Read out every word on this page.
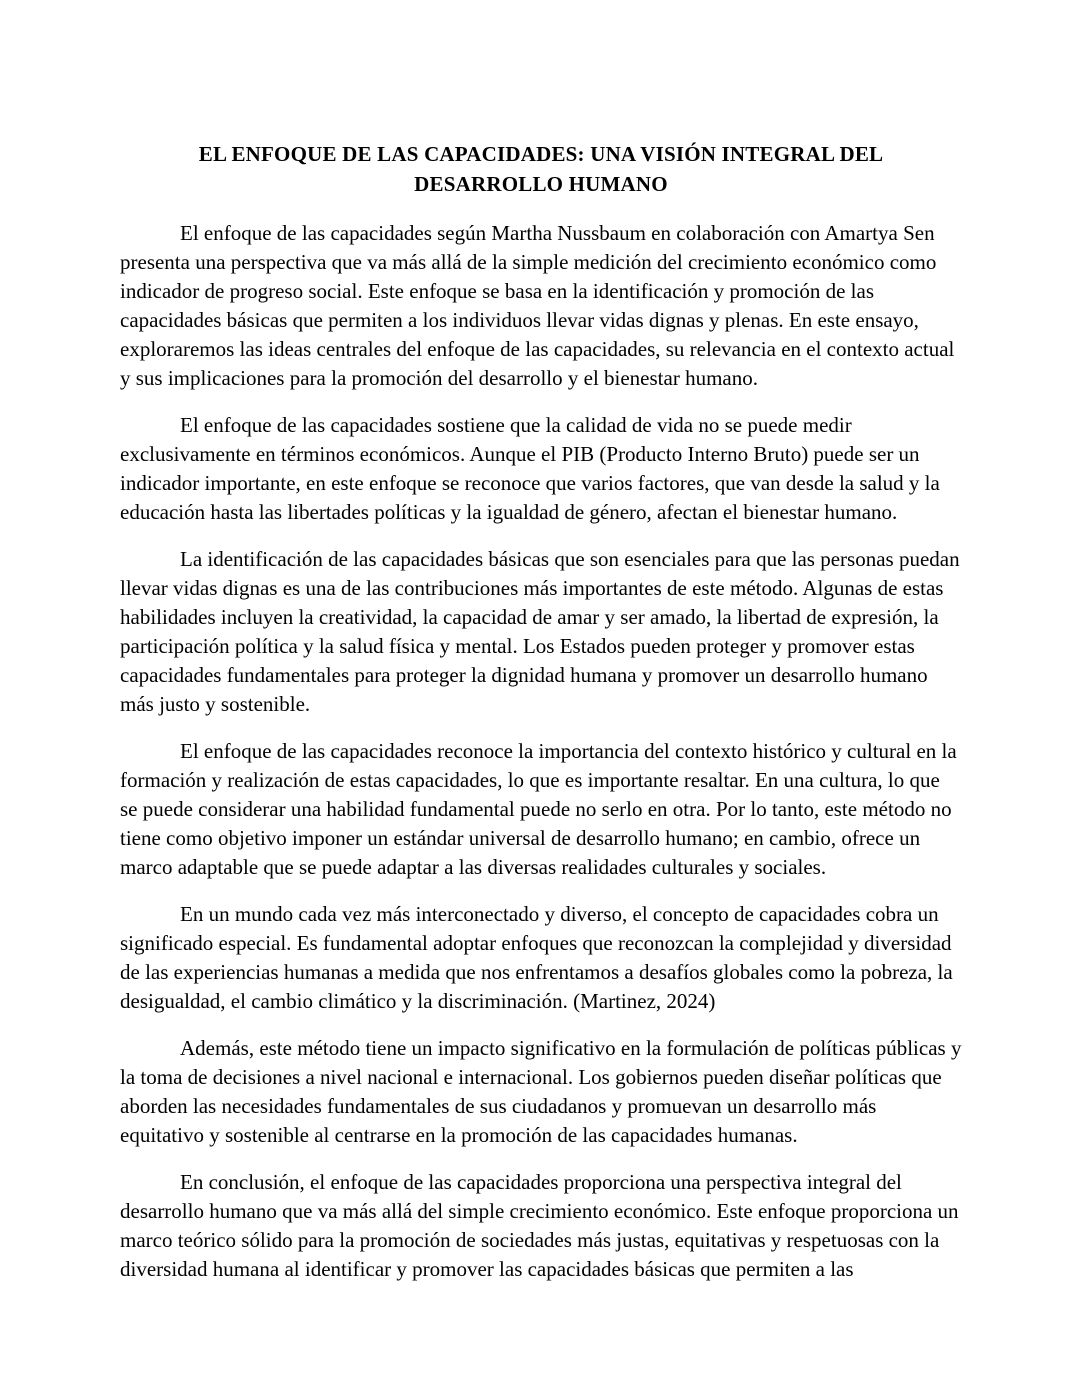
EL ENFOQUE DE LAS CAPACIDADES: UNA VISIÓN INTEGRAL DEL
DESARROLLO HUMANO

El enfoque de las capacidades según Martha Nussbaum en colaboración con Amartya Sen presenta una perspectiva que va más allá de la simple medición del crecimiento económico como indicador de progreso social. Este enfoque se basa en la identificación y promoción de las capacidades básicas que permiten a los individuos llevar vidas dignas y plenas. En este ensayo, exploraremos las ideas centrales del enfoque de las capacidades, su relevancia en el contexto actual y sus implicaciones para la promoción del desarrollo y el bienestar humano.

El enfoque de las capacidades sostiene que la calidad de vida no se puede medir exclusivamente en términos económicos. Aunque el PIB (Producto Interno Bruto) puede ser un indicador importante, en este enfoque se reconoce que varios factores, que van desde la salud y la educación hasta las libertades políticas y la igualdad de género, afectan el bienestar humano.

La identificación de las capacidades básicas que son esenciales para que las personas puedan llevar vidas dignas es una de las contribuciones más importantes de este método. Algunas de estas habilidades incluyen la creatividad, la capacidad de amar y ser amado, la libertad de expresión, la participación política y la salud física y mental. Los Estados pueden proteger y promover estas capacidades fundamentales para proteger la dignidad humana y promover un desarrollo humano más justo y sostenible.

El enfoque de las capacidades reconoce la importancia del contexto histórico y cultural en la formación y realización de estas capacidades, lo que es importante resaltar. En una cultura, lo que se puede considerar una habilidad fundamental puede no serlo en otra. Por lo tanto, este método no tiene como objetivo imponer un estándar universal de desarrollo humano; en cambio, ofrece un marco adaptable que se puede adaptar a las diversas realidades culturales y sociales.

En un mundo cada vez más interconectado y diverso, el concepto de capacidades cobra un significado especial. Es fundamental adoptar enfoques que reconozcan la complejidad y diversidad de las experiencias humanas a medida que nos enfrentamos a desafíos globales como la pobreza, la desigualdad, el cambio climático y la discriminación. (Martinez, 2024)

Además, este método tiene un impacto significativo en la formulación de políticas públicas y la toma de decisiones a nivel nacional e internacional. Los gobiernos pueden diseñar políticas que aborden las necesidades fundamentales de sus ciudadanos y promuevan un desarrollo más equitativo y sostenible al centrarse en la promoción de las capacidades humanas.

En conclusión, el enfoque de las capacidades proporciona una perspectiva integral del desarrollo humano que va más allá del simple crecimiento económico. Este enfoque proporciona un marco teórico sólido para la promoción de sociedades más justas, equitativas y respetuosas con la diversidad humana al identificar y promover las capacidades básicas que permiten a las
